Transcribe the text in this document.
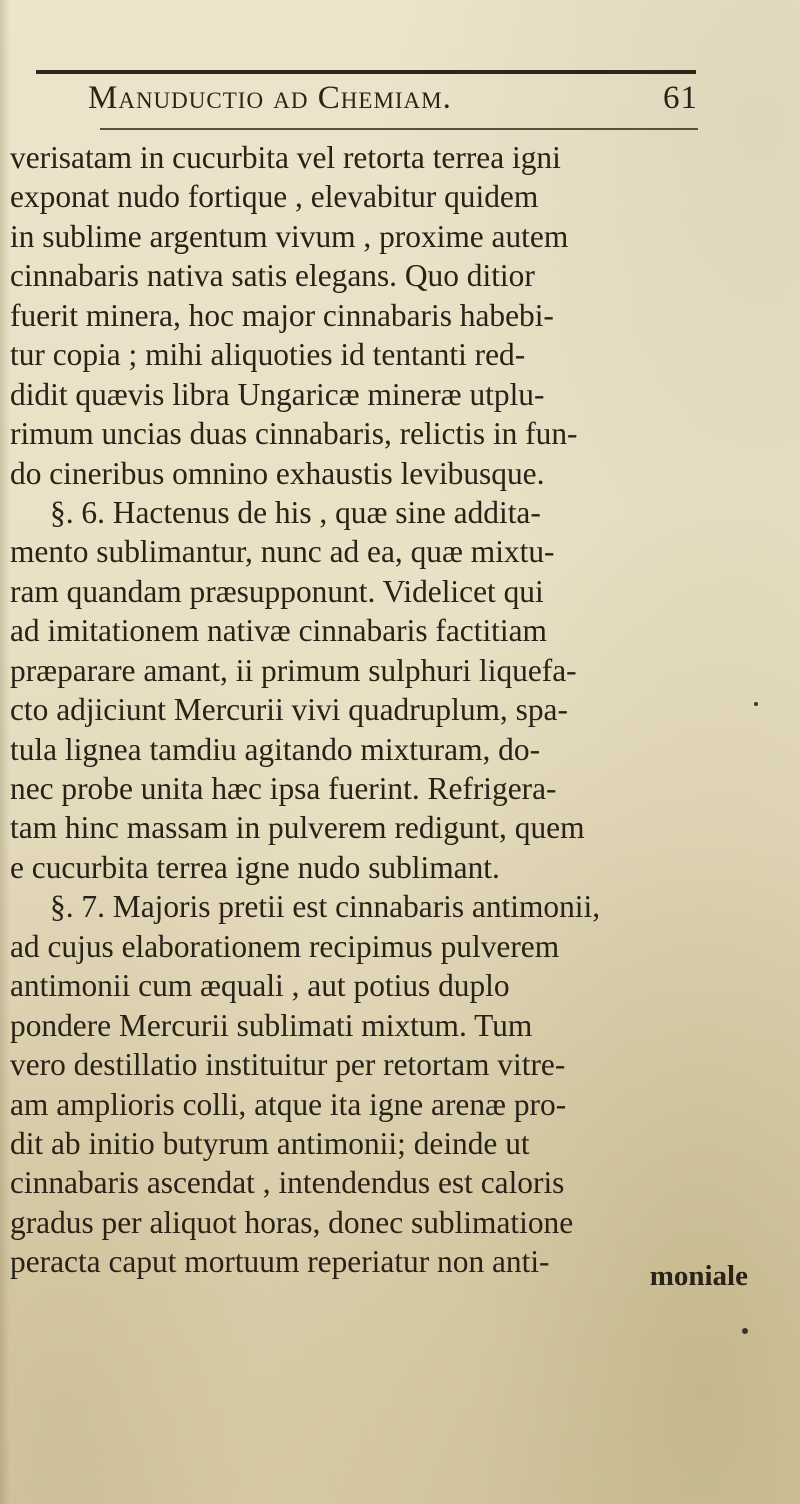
Manuductio ad Chemiam.	61
verisatam in cucurbita vel retorta terrea igni
exponat nudo fortique , elevabitur quidem
in sublime argentum vivum , proxime autem
cinnabaris nativa satis elegans. Quo ditior
fuerit minera, hoc major cinnabaris habebi-
tur copia ; mihi aliquoties id tentanti red-
didit quævis libra Ungaricæ mineræ utplu-
rimum uncias duas cinnabaris, relictis in fun-
do cineribus omnino exhaustis levibusque.
§. 6. Hactenus de his , quæ sine addita-
mento sublimantur, nunc ad ea, quæ mixtu-
ram quandam præsupponunt. Videlicet qui
ad imitationem nativæ cinnabaris factitiam
præparare amant, ii primum sulphuri liquefa-
cto adjiciunt Mercurii vivi quadruplum, spa-
tula lignea tamdiu agitando mixturam, do-
nec probe unita hæc ipsa fuerint. Refrigera-
tam hinc massam in pulverem redigunt, quem
e cucurbita terrea igne nudo sublimant.
§. 7. Majoris pretii est cinnabaris antimonii,
ad cujus elaborationem recipimus pulverem
antimonii cum æquali , aut potius duplo
pondere Mercurii sublimati mixtum. Tum
vero destillatio instituitur per retortam vitre-
am amplioris colli, atque ita igne arenæ pro-
dit ab initio butyrum antimonii; deinde ut
cinnabaris ascendat , intendendus est caloris
gradus per aliquot horas, donec sublimatione
peracta caput mortuum reperiatur non anti-	moniale
